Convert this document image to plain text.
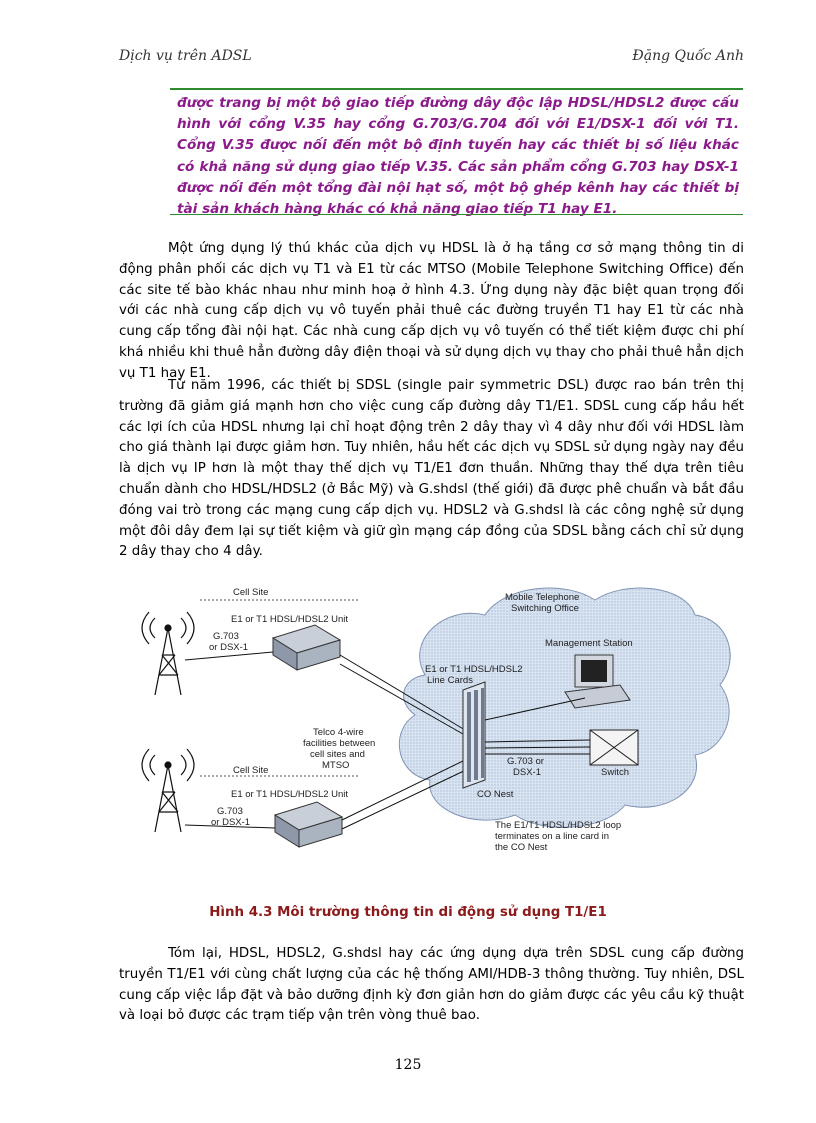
Dịch vụ trên ADSL	Đặng Quốc Anh
được trang bị một bộ giao tiếp đường dây độc lập HDSL/HDSL2 được cấu hình với cổng V.35 hay cổng G.703/G.704 đối với E1/DSX-1 đối với T1. Cổng V.35 được nối đến một bộ định tuyến hay các thiết bị số liệu khác có khả năng sử dụng giao tiếp V.35. Các sản phẩm cổng G.703 hay DSX-1 được nối đến một tổng đài nội hạt số, một bộ ghép kênh hay các thiết bị tài sản khách hàng khác có khả năng giao tiếp T1 hay E1.

Một ứng dụng lý thú khác của dịch vụ HDSL là ở hạ tầng cơ sở mạng thông tin di động phân phối các dịch vụ T1 và E1 từ các MTSO (Mobile Telephone Switching Office) đến các site tế bào khác nhau như minh hoạ ở hình 4.3. Ứng dụng này đặc biệt quan trọng đối với các nhà cung cấp dịch vụ vô tuyến phải thuê các đường truyền T1 hay E1 từ các nhà cung cấp tổng đài nội hạt. Các nhà cung cấp dịch vụ vô tuyến có thể tiết kiệm được chi phí khá nhiều khi thuê hẳn đường dây điện thoại và sử dụng dịch vụ thay cho phải thuê hẳn dịch vụ T1 hay E1.

Từ năm 1996, các thiết bị SDSL (single pair symmetric DSL) được rao bán trên thị trường đã giảm giá mạnh hơn cho việc cung cấp đường dây T1/E1. SDSL cung cấp hầu hết các lợi ích của HDSL nhưng lại chỉ hoạt động trên 2 dây thay vì 4 dây như đối với HDSL làm cho giá thành lại được giảm hơn. Tuy nhiên, hầu hết các dịch vụ SDSL sử dụng ngày nay đều là dịch vụ IP hơn là một thay thế dịch vụ T1/E1 đơn thuần. Những thay thế dựa trên tiêu chuẩn dành cho HDSL/HDSL2 (ở Bắc Mỹ) và G.shdsl (thế giới) đã được phê chuẩn và bắt đầu đóng vai trò trong các mạng cung cấp dịch vụ. HDSL2 và G.shdsl là các công nghệ sử dụng một đôi dây đem lại sự tiết kiệm và giữ gìn mạng cáp đồng của SDSL bằng cách chỉ sử dụng 2 dây thay cho 4 dây.

Cell Site
E1 or T1 HDSL/HDSL2 Unit
G.703
or DSX-1
Cell Site
E1 or T1 HDSL/HDSL2 Unit
G.703
or DSX-1
Mobile Telephone
Switching Office
Management Station
E1 or T1 HDSL/HDSL2
Line Cards
Telco 4-wire
facilities between
cell sites and
MTSO	G.703 or
DSX-1	Switch
CO Nest
The E1/T1 HDSL/HDSL2 loop
terminates on a line card in
the CO Nest
Hình 4.3 Môi trường thông tin di động sử dụng T1/E1

Tóm lại, HDSL, HDSL2, G.shdsl hay các ứng dụng dựa trên SDSL cung cấp đường truyền T1/E1 với cùng chất lượng của các hệ thống AMI/HDB-3 thông thường. Tuy nhiên, DSL cung cấp việc lắp đặt và bảo dưỡng định kỳ đơn giản hơn do giảm được các yêu cầu kỹ thuật và loại bỏ được các trạm tiếp vận trên vòng thuê bao.

125
